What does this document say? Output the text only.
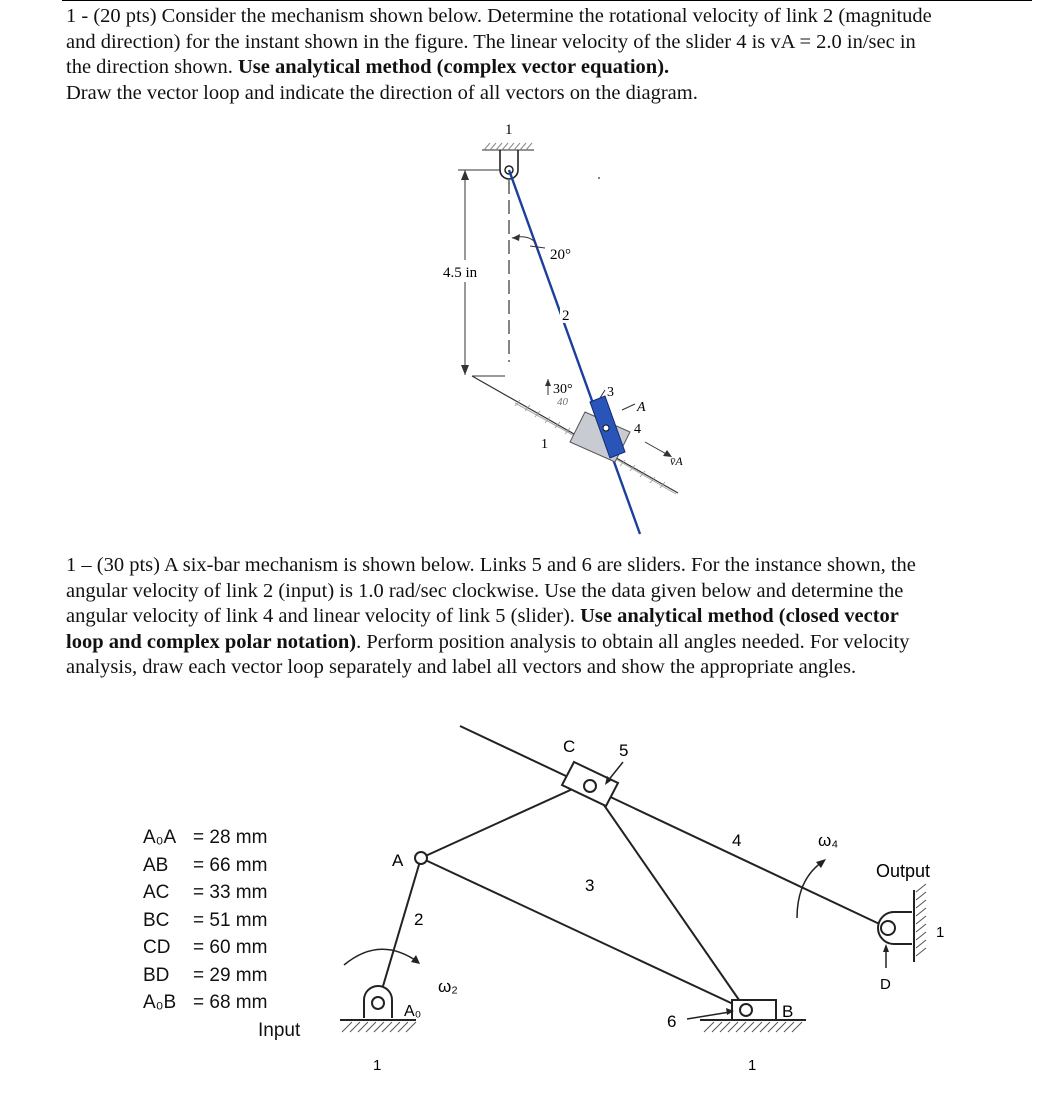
1 - (20 pts) Consider the mechanism shown below. Determine the rotational velocity of link 2 (magnitude
and direction) for the instant shown in the figure. The linear velocity of the slider 4 is vA = 2.0 in/sec in
the direction shown. Use analytical method (complex vector equation).
Draw the vector loop and indicate the direction of all vectors on the diagram.
1
4.5 in
20°
2
30°
40
3
A
4
1
v̄A
1 – (30 pts) A six-bar mechanism is shown below. Links 5 and 6 are sliders. For the instance shown, the
angular velocity of link 2 (input) is 1.0 rad/sec clockwise. Use the data given below and determine the
angular velocity of link 4 and linear velocity of link 5 (slider). Use analytical method (closed vector
loop and complex polar notation). Perform position analysis to obtain all angles needed. For velocity
analysis, draw each vector loop separately and label all vectors and show the appropriate angles.
A₀A = 28 mm
AB = 66 mm
AC = 33 mm
BC = 51 mm
CD = 60 mm
BD = 29 mm
A₀B = 68 mm
Input
C	5
A
2
3
4
A₀
1
ω₂
6
B
1
D
1
Output
ω₄
